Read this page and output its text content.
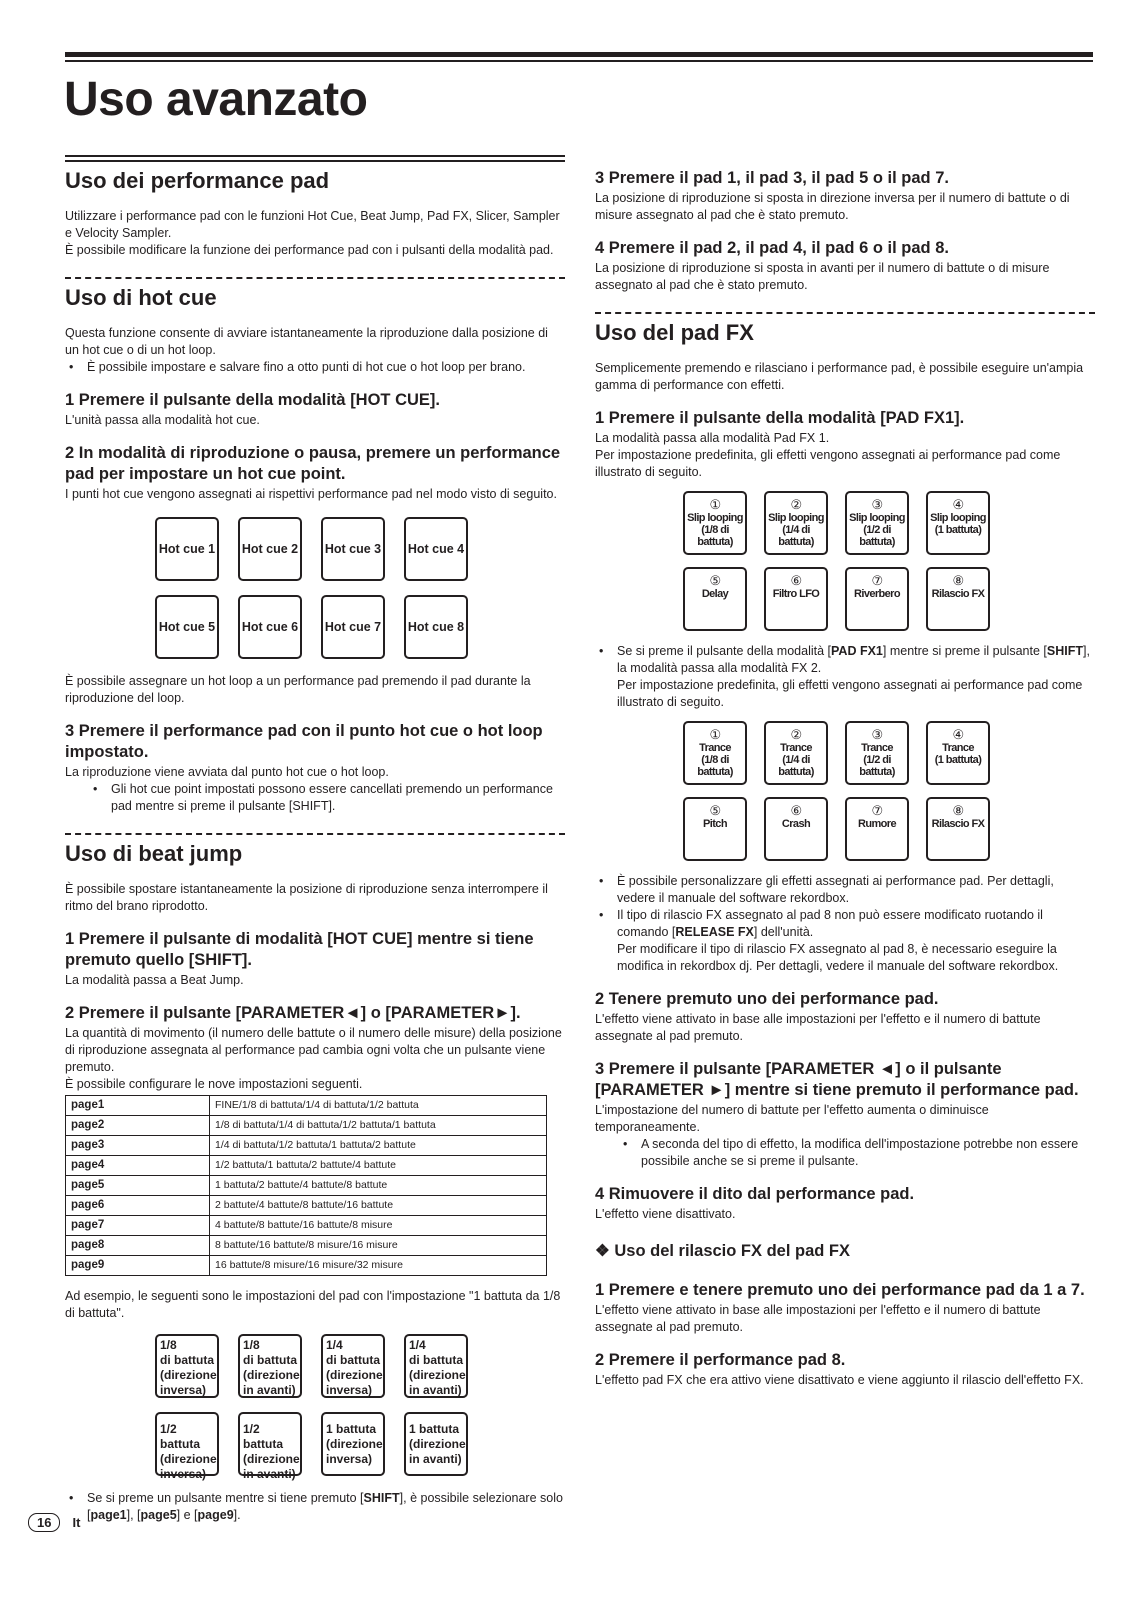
Uso avanzato
Uso dei performance pad

Utilizzare i performance pad con le funzioni Hot Cue, Beat Jump, Pad FX, Slicer, Sampler e Velocity Sampler.

È possibile modificare la funzione dei performance pad con i pulsanti della modalità pad.

Uso di hot cue

Questa funzione consente di avviare istantaneamente la riproduzione dalla posizione di un hot cue o di un hot loop.

• È possibile impostare e salvare fino a otto punti di hot cue o hot loop per brano.
1 Premere il pulsante della modalità [HOT CUE].

L'unità passa alla modalità hot cue.

2 In modalità di riproduzione o pausa, premere un performance pad per impostare un hot cue point.

I punti hot cue vengono assegnati ai rispettivi performance pad nel modo visto di seguito.

Hot cue 1	Hot cue 2	Hot cue 3	Hot cue 4
Hot cue 5	Hot cue 6	Hot cue 7	Hot cue 8

È possibile assegnare un hot loop a un performance pad premendo il pad durante la riproduzione del loop.

3 Premere il performance pad con il punto hot cue o hot loop impostato.

La riproduzione viene avviata dal punto hot cue o hot loop.

• Gli hot cue point impostati possono essere cancellati premendo un performance pad mentre si preme il pulsante [SHIFT].
Uso di beat jump

È possibile spostare istantaneamente la posizione di riproduzione senza interrompere il ritmo del brano riprodotto.

1 Premere il pulsante di modalità [HOT CUE] mentre si tiene premuto quello [SHIFT].

La modalità passa a Beat Jump.

2 Premere il pulsante [PARAMETER◄] o [PARAMETER►].

La quantità di movimento (il numero delle battute o il numero delle misure) della posizione di riproduzione assegnata al performance pad cambia ogni volta che un pulsante viene premuto.

È possibile configurare le nove impostazioni seguenti.

page1	FINE/1/8 di battuta/1/4 di battuta/1/2 battuta
page2	1/8 di battuta/1/4 di battuta/1/2 battuta/1 battuta
page3	1/4 di battuta/1/2 battuta/1 battuta/2 battute
page4	1/2 battuta/1 battuta/2 battute/4 battute
page5	1 battuta/2 battute/4 battute/8 battute
page6	2 battute/4 battute/8 battute/16 battute
page7	4 battute/8 battute/16 battute/8 misure
page8	8 battute/16 battute/8 misure/16 misure
page9	16 battute/8 misure/16 misure/32 misure

Ad esempio, le seguenti sono le impostazioni del pad con l'impostazione "1 battuta da 1/8 di battuta".

1/8
di battuta
(direzione
inversa)
1/8
di battuta
(direzione
in avanti)
1/4
di battuta
(direzione
inversa)
1/4
di battuta
(direzione
in avanti)
1/2 battuta
(direzione
inversa)
1/2 battuta
(direzione
in avanti)
1 battuta
(direzione
inversa)
1 battuta
(direzione
in avanti)
• Se si preme un pulsante mentre si tiene premuto [SHIFT], è possibile selezionare solo [page1], [page5] e [page9].
3 Premere il pad 1, il pad 3, il pad 5 o il pad 7.

La posizione di riproduzione si sposta in direzione inversa per il numero di battute o di misure assegnato al pad che è stato premuto.

4 Premere il pad 2, il pad 4, il pad 6 o il pad 8.

La posizione di riproduzione si sposta in avanti per il numero di battute o di misure assegnato al pad che è stato premuto.

Uso del pad FX

Semplicemente premendo e rilasciano i performance pad, è possibile eseguire un'ampia gamma di performance con effetti.

1 Premere il pulsante della modalità [PAD FX1].

La modalità passa alla modalità Pad FX 1.

Per impostazione predefinita, gli effetti vengono assegnati ai performance pad come illustrato di seguito.

①
Slip looping
(1/8 di battuta)
②
Slip looping
(1/4 di battuta)
③
Slip looping
(1/2 di battuta)
④
Slip looping
(1 battuta)
⑤
Delay
⑥
Filtro LFO
⑦
Riverbero
⑧
Rilascio FX
• Se si preme il pulsante della modalità [PAD FX1] mentre si preme il pulsante [SHIFT], la modalità passa alla modalità FX 2.
Per impostazione predefinita, gli effetti vengono assegnati ai performance pad come illustrato di seguito.
①
Trance
(1/8 di battuta)
②
Trance
(1/4 di battuta)
③
Trance
(1/2 di battuta)
④
Trance
(1 battuta)
⑤
Pitch
⑥
Crash
⑦
Rumore
⑧
Rilascio FX
• È possibile personalizzare gli effetti assegnati ai performance pad. Per dettagli, vedere il manuale del software rekordbox.
• Il tipo di rilascio FX assegnato al pad 8 non può essere modificato ruotando il comando [RELEASE FX] dell'unità.
Per modificare il tipo di rilascio FX assegnato al pad 8, è necessario eseguire la modifica in rekordbox dj. Per dettagli, vedere il manuale del software rekordbox.
2 Tenere premuto uno dei performance pad.

L'effetto viene attivato in base alle impostazioni per l'effetto e il numero di battute assegnate al pad premuto.

3 Premere il pulsante [PARAMETER ◄] o il pulsante [PARAMETER ►] mentre si tiene premuto il performance pad.

L'impostazione del numero di battute per l'effetto aumenta o diminuisce temporaneamente.

• A seconda del tipo di effetto, la modifica dell'impostazione potrebbe non essere possibile anche se si preme il pulsante.
4 Rimuovere il dito dal performance pad.

L'effetto viene disattivato.

❖ Uso del rilascio FX del pad FX
1 Premere e tenere premuto uno dei performance pad da 1 a 7.

L'effetto viene attivato in base alle impostazioni per l'effetto e il numero di battute assegnate al pad premuto.

2 Premere il performance pad 8.

L'effetto pad FX che era attivo viene disattivato e viene aggiunto il rilascio dell'effetto FX.

16	It
